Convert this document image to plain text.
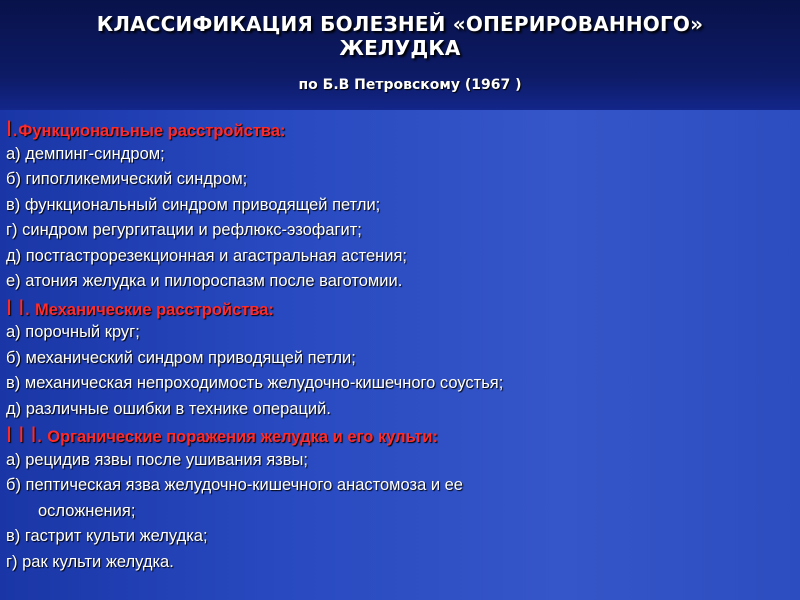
КЛАССИФИКАЦИЯ БОЛЕЗНЕЙ «ОПЕРИРОВАННОГО»
ЖЕЛУДКА
по Б.В Петровскому (1967 )
I.Функциональные расстройства:
а) демпинг-синдром;
б) гипогликемический синдром;
в) функциональный синдром приводящей петли;
г) синдром регургитации и рефлюкс-эзофагит;
д) постгастрорезекционная и агастральная астения;
е) атония желудка и пилороспазм после ваготомии.
I I. Механические расстройства:
а) порочный круг;
б) механический синдром приводящей петли;
в) механическая непроходимость желудочно-кишечного соустья;
д) различные ошибки в технике операций.
I I I. Органические поражения желудка и его культи:
а) рецидив язвы после ушивания язвы;
б) пептическая язва желудочно-кишечного анастомоза и ее
осложнения;
в) гастрит культи желудка;
г) рак культи желудка.
